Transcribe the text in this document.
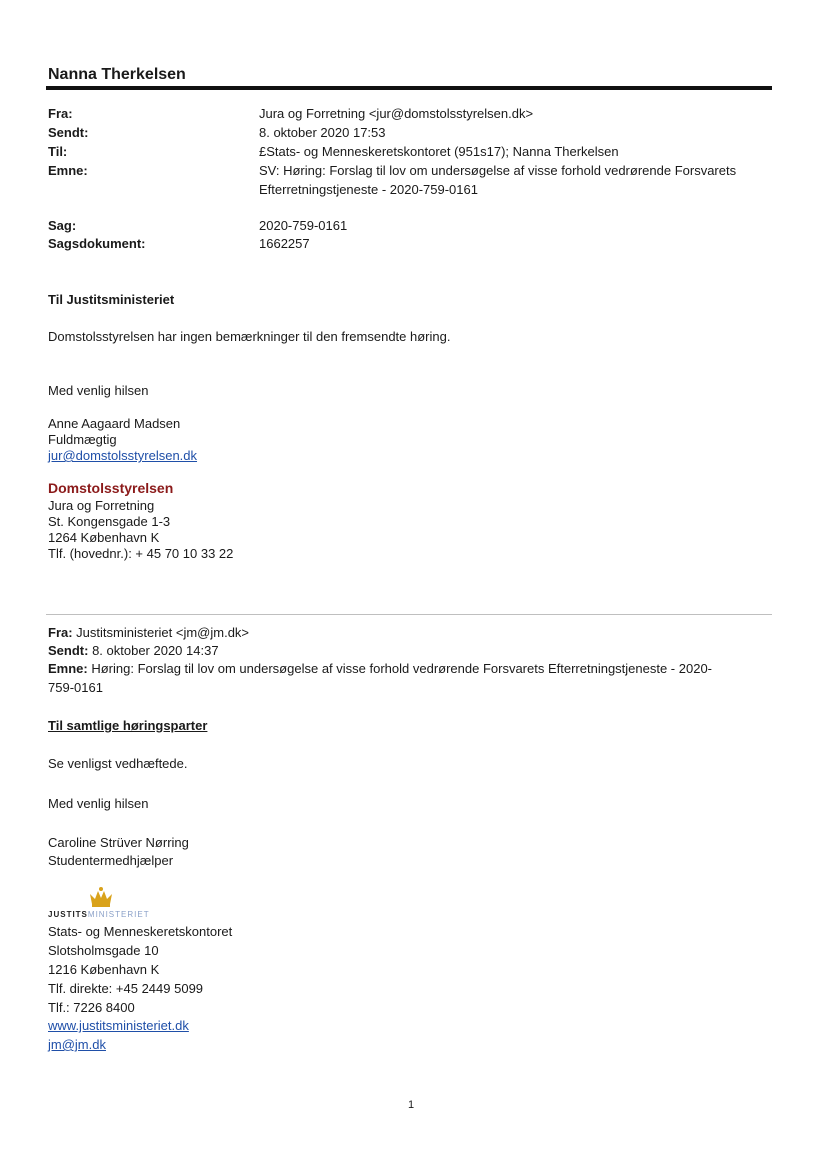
Nanna Therkelsen
Fra:	Jura og Forretning <jur@domstolsstyrelsen.dk>
Sendt:	8. oktober 2020 17:53
Til:	£Stats- og Menneskeretskontoret (951s17); Nanna Therkelsen
Emne:	SV: Høring: Forslag til lov om undersøgelse af visse forhold vedrørende Forsvarets
Efterretningstjeneste - 2020-759-0161
Sag:	2020-759-0161
Sagsdokument:	1662257
Til Justitsministeriet
Domstolsstyrelsen har ingen bemærkninger til den fremsendte høring.
Med venlig hilsen
Anne Aagaard Madsen
Fuldmægtig
jur@domstolsstyrelsen.dk
Domstolsstyrelsen
Jura og Forretning
St. Kongensgade 1-3
1264 København K
Tlf. (hovednr.): + 45 70 10 33 22
Fra: Justitsministeriet <jm@jm.dk>
Sendt: 8. oktober 2020 14:37
Emne: Høring: Forslag til lov om undersøgelse af visse forhold vedrørende Forsvarets Efterretningstjeneste - 2020-
759-0161
Til samtlige høringsparter
Se venligst vedhæftede.
Med venlig hilsen
Caroline Strüver Nørring
Studentermedhjælper
JUSTITSMINISTERIET
Stats- og Menneskeretskontoret
Slotsholmsgade 10
1216 København K
Tlf. direkte: +45 2449 5099
Tlf.: 7226 8400
www.justitsministeriet.dk
jm@jm.dk
1
